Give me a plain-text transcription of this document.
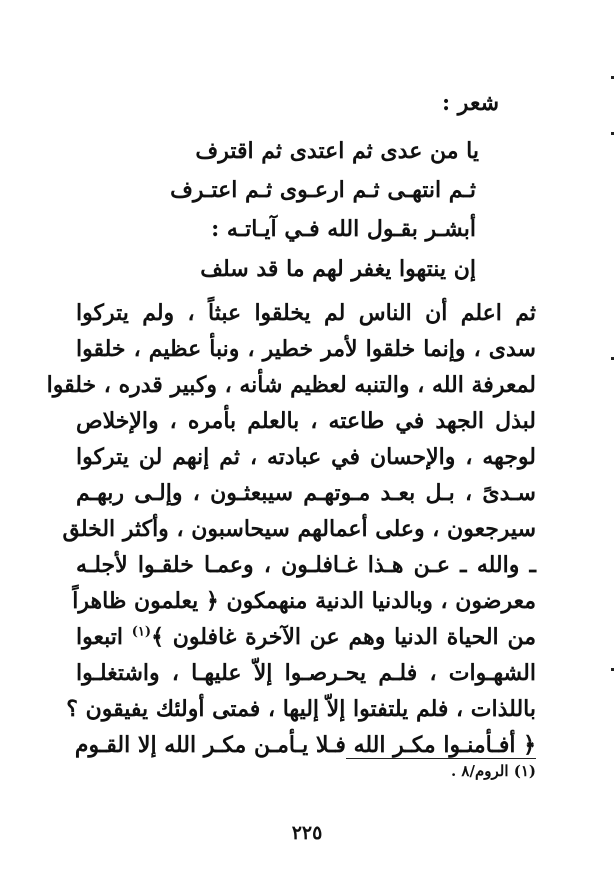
شعر :
يا من عدى ثم اعتدى ثم اقترف
ثـم انتهـى ثـم ارعـوى ثـم اعتـرف
أبشـر بقـول الله فـي آيـاتـه :
إن ينتهوا يغفر لهم ما قد سلف
ثم اعلم أن الناس لم يخلقوا عبثاً ، ولم يتركوا
سدى ، وإنما خلقوا لأمر خطير ، ونبأ عظيم ، خلقوا
لمعرفة الله ، والتنبه لعظيم شأنه ، وكبير قدره ، خلقوا
لبذل الجهد في طاعته ، بالعلم بأمره ، والإخلاص
لوجهه ، والإحسان في عبادته ، ثم إنهم لن يتركوا
سـدىً ، بـل بعـد مـوتهـم سيبعثـون ، وإلـى ربهـم
سيرجعون ، وعلى أعمالهم سيحاسبون ، وأكثر الخلق
ـ والله ـ عـن هـذا غـافلـون ، وعمـا خلقـوا لأجلـه
معرضون ، وبالدنيا الدنية منهمكون ﴿ يعلمون ظاهراً
من الحياة الدنيا وهم عن الآخرة غافلون ﴾$^{(١)}$ اتبعوا
الشهـوات ، فلـم يحـرصـوا إلاّ عليهـا ، واشتغلـوا
باللذات ، فلم يلتفتوا إلاّ إليها ، فمتى أولئك يفيقون ؟
﴿ أفـأمنـوا مكـر الله فـلا يـأمـن مكـر الله إلا القـوم
(١) الروم/٨ .
٢٢٥
